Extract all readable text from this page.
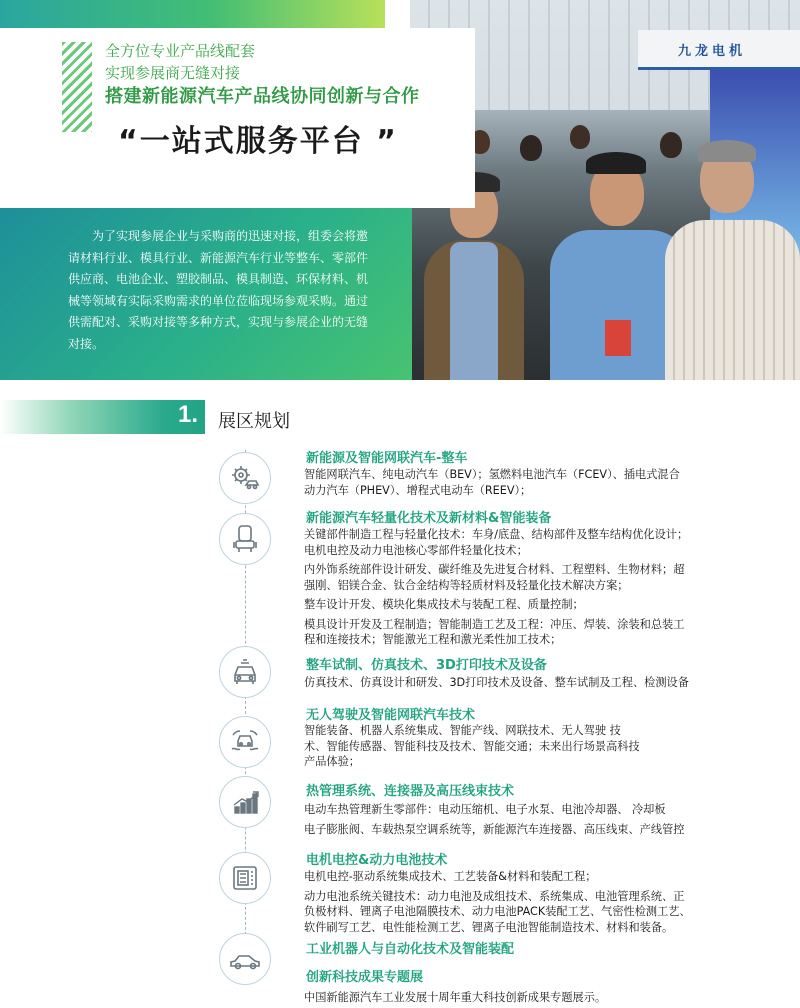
九龙电机
全方位专业产品线配套
实现参展商无缝对接
搭建新能源汽车产品线协同创新与合作
“一站式服务平台 ”

为了实现参展企业与采购商的迅速对接，组委会将邀请材料行业、模具行业、新能源汽车行业等整车、零部件供应商、电池企业、塑胶制品、模具制造、环保材料、机械等领域有实际采购需求的单位莅临现场参观采购。通过供需配对、采购对接等多种方式，实现与参展企业的无缝对接。

1. 展区规划
新能源及智能网联汽车-整车

智能网联汽车、纯电动汽车（BEV）；氢燃料电池汽车（FCEV）、插电式混合

动力汽车（PHEV）、增程式电动车（REEV）；

新能源汽车轻量化技术及新材料&智能装备

关键部件制造工程与轻量化技术：车身/底盘、结构部件及整车结构优化设计；

电机电控及动力电池核心零部件轻量化技术；

内外饰系统部件设计研发、碳纤维及先进复合材料、工程塑料、生物材料；超

强刚、铝镁合金、钛合金结构等轻质材料及轻量化技术解决方案；

整车设计开发、模块化集成技术与装配工程、质量控制；

模具设计开发及工程制造；智能制造工艺及工程：冲压、焊装、涂装和总装工

程和连接技术；智能激光工程和激光柔性加工技术；

整车试制、仿真技术、3D打印技术及设备

仿真技术、仿真设计和研发、3D打印技术及设备、整车试制及工程、检测设备

无人驾驶及智能网联汽车技术

智能装备、机器人系统集成、智能产线、网联技术、无人驾驶 技

术、智能传感器、智能科技及技术、智能交通；未来出行场景高科技

产品体验；

热管理系统、连接器及高压线束技术

电动车热管理新生零部件：电动压缩机、电子水泵、电池冷却器、 冷却板

电子膨胀阀、车载热泵空调系统等，新能源汽车连接器、高压线束、产线管控

电机电控&动力电池技术

电机电控-驱动系统集成技术、工艺装备&材料和装配工程；

动力电池系统关键技术：动力电池及成组技术、系统集成、电池管理系统、正

负极材料、锂离子电池隔膜技术、动力电池PACK装配工艺、气密性检测工艺、

软件刷写工艺、电性能检测工艺、锂离子电池智能制造技术、材料和装备。

工业机器人与自动化技术及智能装配
创新科技成果专题展

中国新能源汽车工业发展十周年重大科技创新成果专题展示。
